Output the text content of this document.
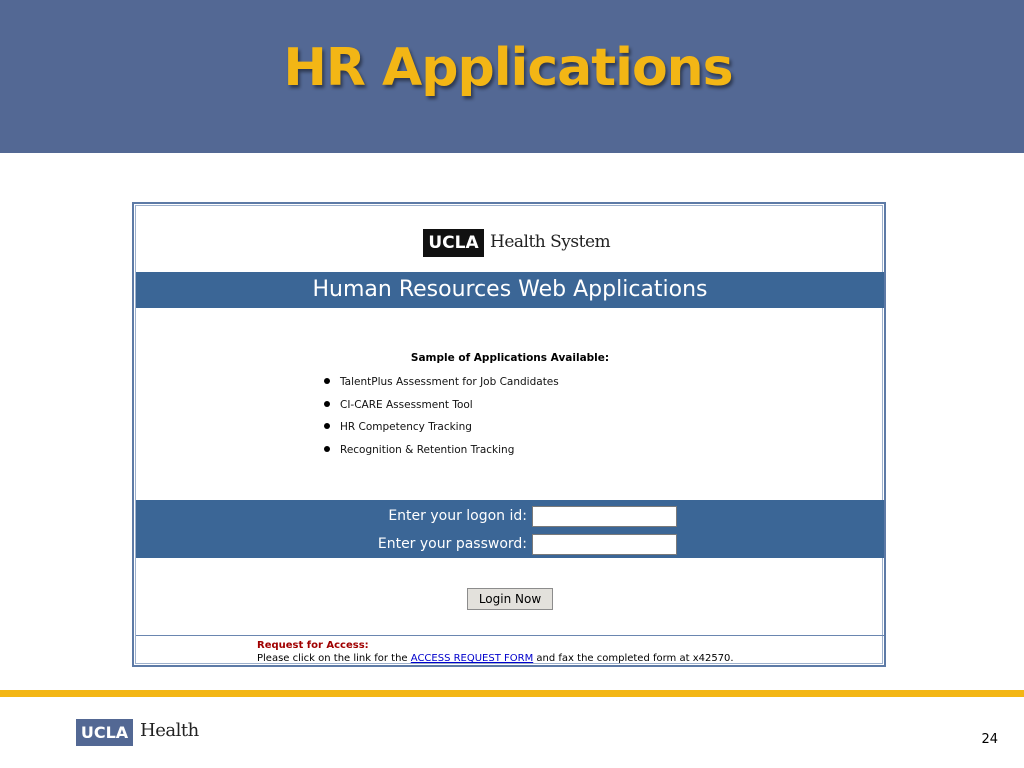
HR Applications
UCLA Health System
Human Resources Web Applications
Sample of Applications Available:
TalentPlus Assessment for Job Candidates
CI-CARE Assessment Tool
HR Competency Tracking
Recognition & Retention Tracking
Enter your logon id:
Enter your password:
Login Now
Request for Access:
Please click on the link for the ACCESS REQUEST FORM and fax the completed form at x42570.
UCLA Health	24
